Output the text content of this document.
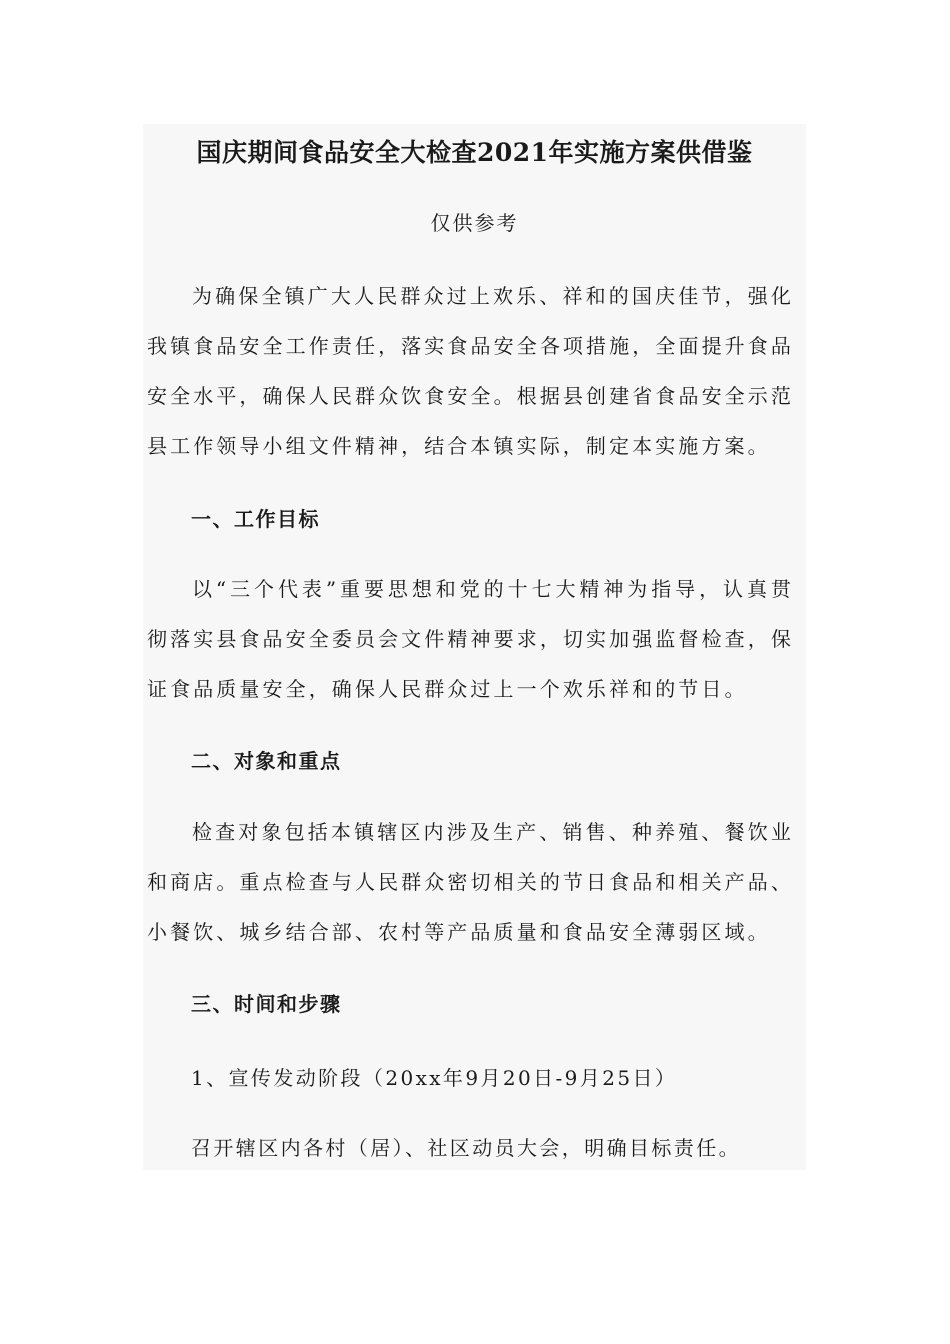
国庆期间食品安全大检查2021年实施方案供借鉴
仅供参考
为确保全镇广大人民群众过上欢乐、祥和的国庆佳节，强化我镇食品安全工作责任，落实食品安全各项措施，全面提升食品安全水平，确保人民群众饮食安全。根据县创建省食品安全示范县工作领导小组文件精神，结合本镇实际，制定本实施方案。
一、工作目标
以“三个代表”重要思想和党的十七大精神为指导，认真贯彻落实县食品安全委员会文件精神要求，切实加强监督检查，保证食品质量安全，确保人民群众过上一个欢乐祥和的节日。
二、对象和重点
检查对象包括本镇辖区内涉及生产、销售、种养殖、餐饮业和商店。重点检查与人民群众密切相关的节日食品和相关产品、小餐饮、城乡结合部、农村等产品质量和食品安全薄弱区域。
三、时间和步骤
1、宣传发动阶段（20xx年9月20日-9月25日）
召开辖区内各村（居）、社区动员大会，明确目标责任。
